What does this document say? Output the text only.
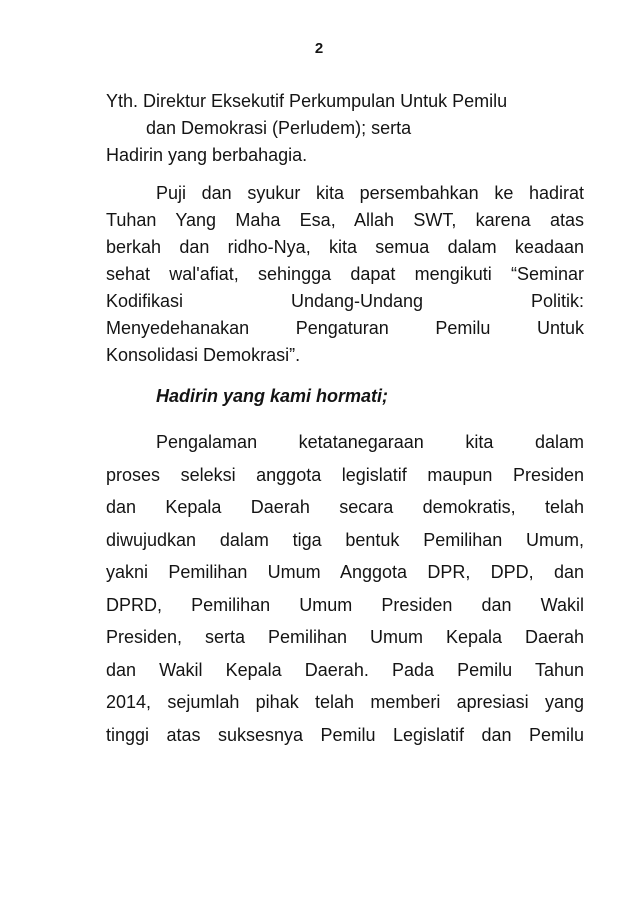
2
Yth. Direktur Eksekutif Perkumpulan Untuk Pemilu
dan Demokrasi (Perludem); serta
Hadirin yang berbahagia.
Puji dan syukur kita persembahkan ke hadirat
Tuhan Yang Maha Esa, Allah SWT, karena atas
berkah dan ridho-Nya, kita semua dalam keadaan
sehat wal'afiat, sehingga dapat mengikuti “Seminar
Kodifikasi Undang-Undang Politik:
Menyedehanakan Pengaturan Pemilu Untuk
Konsolidasi Demokrasi”.
Hadirin yang kami hormati;
Pengalaman ketatanegaraan kita dalam
proses seleksi anggota legislatif maupun Presiden
dan Kepala Daerah secara demokratis, telah
diwujudkan dalam tiga bentuk Pemilihan Umum,
yakni Pemilihan Umum Anggota DPR, DPD, dan
DPRD, Pemilihan Umum Presiden dan Wakil
Presiden, serta Pemilihan Umum Kepala Daerah
dan Wakil Kepala Daerah. Pada Pemilu Tahun
2014, sejumlah pihak telah memberi apresiasi yang
tinggi atas suksesnya Pemilu Legislatif dan Pemilu
